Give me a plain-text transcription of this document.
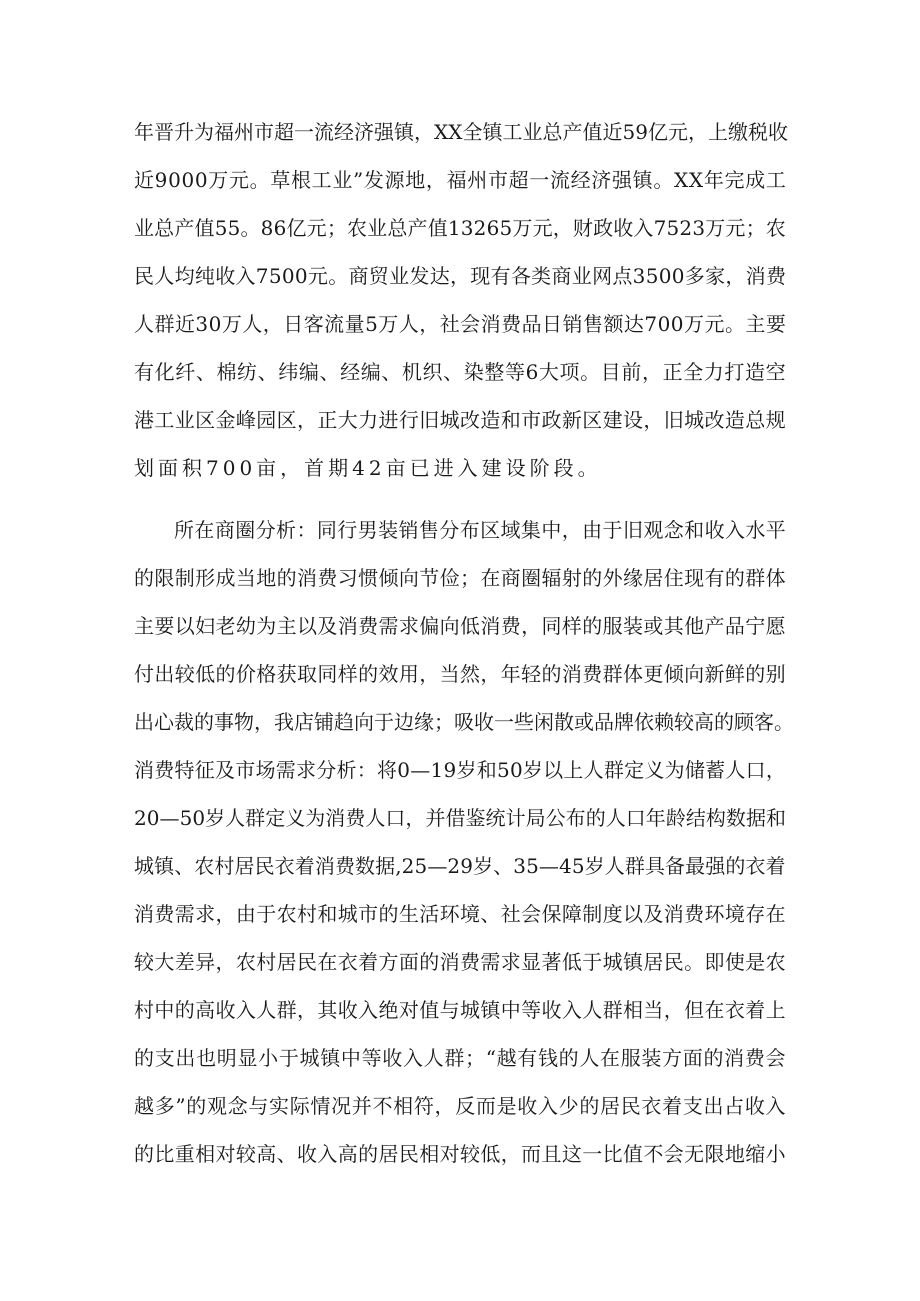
年 晋 升 为 福 州 市 超 一 流 经 济 强 镇 ， X X 全 镇 工 业 总 产 值 近 5 9 亿 元 ， 上 缴 税 收
近 9 0 0 0 万 元 。 草 根 工 业 ” 发 源 地 ， 福 州 市 超 一 流 经 济 强 镇 。 X X 年 完 成 工
业 总 产 值 5 5 。 8 6 亿 元 ； 农 业 总 产 值 1 3 2 6 5 万 元 ， 财 政 收 入 7 5 2 3 万 元 ； 农
民 人 均 纯 收 入 7 5 0 0 元 。 商 贸 业 发 达 ， 现 有 各 类 商 业 网 点 3 5 0 0 多 家 ， 消 费
人 群 近 3 0 万 人 ， 日 客 流 量 5 万 人 ， 社 会 消 费 品 日 销 售 额 达 7 0 0 万 元 。 主 要
有 化 纤 、 棉 纺 、 纬 编 、 经 编 、 机 织 、 染 整 等 6 大 项 。 目 前 ， 正 全 力 打 造 空
港 工 业 区 金 峰 园 区 ， 正 大 力 进 行 旧 城 改 造 和 市 政 新 区 建 设 ， 旧 城 改 造 总 规
划面积700亩，首期42亩已进入建设阶段。
所 在 商 圈 分 析 ： 同 行 男 装 销 售 分 布 区 域 集 中 ， 由 于 旧 观 念 和 收 入 水 平
的 限 制 形 成 当 地 的 消 费 习 惯 倾 向 节 俭 ； 在 商 圈 辐 射 的 外 缘 居 住 现 有 的 群 体
主 要 以 妇 老 幼 为 主 以 及 消 费 需 求 偏 向 低 消 费 ， 同 样 的 服 装 或 其 他 产 品 宁 愿
付 出 较 低 的 价 格 获 取 同 样 的 效 用 ， 当 然 ， 年 轻 的 消 费 群 体 更 倾 向 新 鲜 的 别
出 心 裁 的 事 物 ， 我 店 铺 趋 向 于 边 缘 ； 吸 收 一 些 闲 散 或 品 牌 依 赖 较 高 的 顾 客 。
消 费 特 征 及 市 场 需 求 分 析 ： 将 0 — 1 9 岁 和 5 0 岁 以 上 人 群 定 义 为 储 蓄 人 口 ，
2 0 — 5 0 岁 人 群 定 义 为 消 费 人 口 ， 并 借 鉴 统 计 局 公 布 的 人 口 年 龄 结 构 数 据 和
城 镇 、 农 村 居 民 衣 着 消 费 数 据 , 2 5 — 2 9 岁 、 3 5 — 4 5 岁 人 群 具 备 最 强 的 衣 着
消 费 需 求 ， 由 于 农 村 和 城 市 的 生 活 环 境 、 社 会 保 障 制 度 以 及 消 费 环 境 存 在
较 大 差 异 ， 农 村 居 民 在 衣 着 方 面 的 消 费 需 求 显 著 低 于 城 镇 居 民 。 即 使 是 农
村 中 的 高 收 入 人 群 ， 其 收 入 绝 对 值 与 城 镇 中 等 收 入 人 群 相 当 ， 但 在 衣 着 上
的 支 出 也 明 显 小 于 城 镇 中 等 收 入 人 群 ； “ 越 有 钱 的 人 在 服 装 方 面 的 消 费 会
越 多 ” 的 观 念 与 实 际 情 况 并 不 相 符 ， 反 而 是 收 入 少 的 居 民 衣 着 支 出 占 收 入
的 比 重 相 对 较 高 、 收 入 高 的 居 民 相 对 较 低 ， 而 且 这 一 比 值 不 会 无 限 地 缩 小
